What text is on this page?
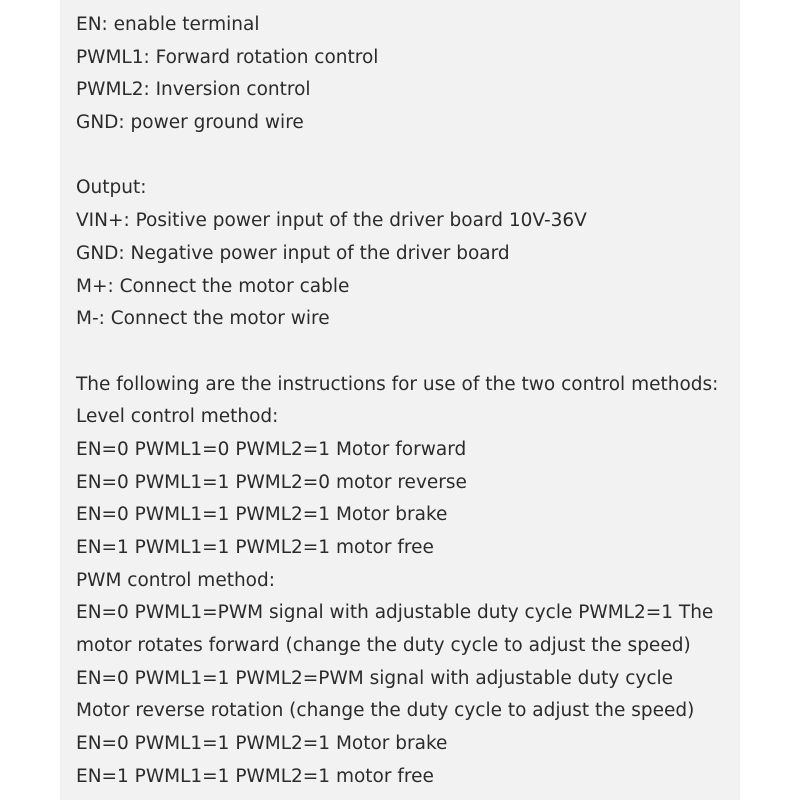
EN: enable terminal

PWML1: Forward rotation control

PWML2: Inversion control

GND: power ground wire

Output:

VIN+: Positive power input of the driver board 10V-36V

GND: Negative power input of the driver board

M+: Connect the motor cable

M-: Connect the motor wire

The following are the instructions for use of the two control methods:

Level control method:

EN=0 PWML1=0 PWML2=1 Motor forward

EN=0 PWML1=1 PWML2=0 motor reverse

EN=0 PWML1=1 PWML2=1 Motor brake

EN=1 PWML1=1 PWML2=1 motor free

PWM control method:

EN=0 PWML1=PWM signal with adjustable duty cycle PWML2=1 The

motor rotates forward (change the duty cycle to adjust the speed)

EN=0 PWML1=1 PWML2=PWM signal with adjustable duty cycle

Motor reverse rotation (change the duty cycle to adjust the speed)

EN=0 PWML1=1 PWML2=1 Motor brake

EN=1 PWML1=1 PWML2=1 motor free
